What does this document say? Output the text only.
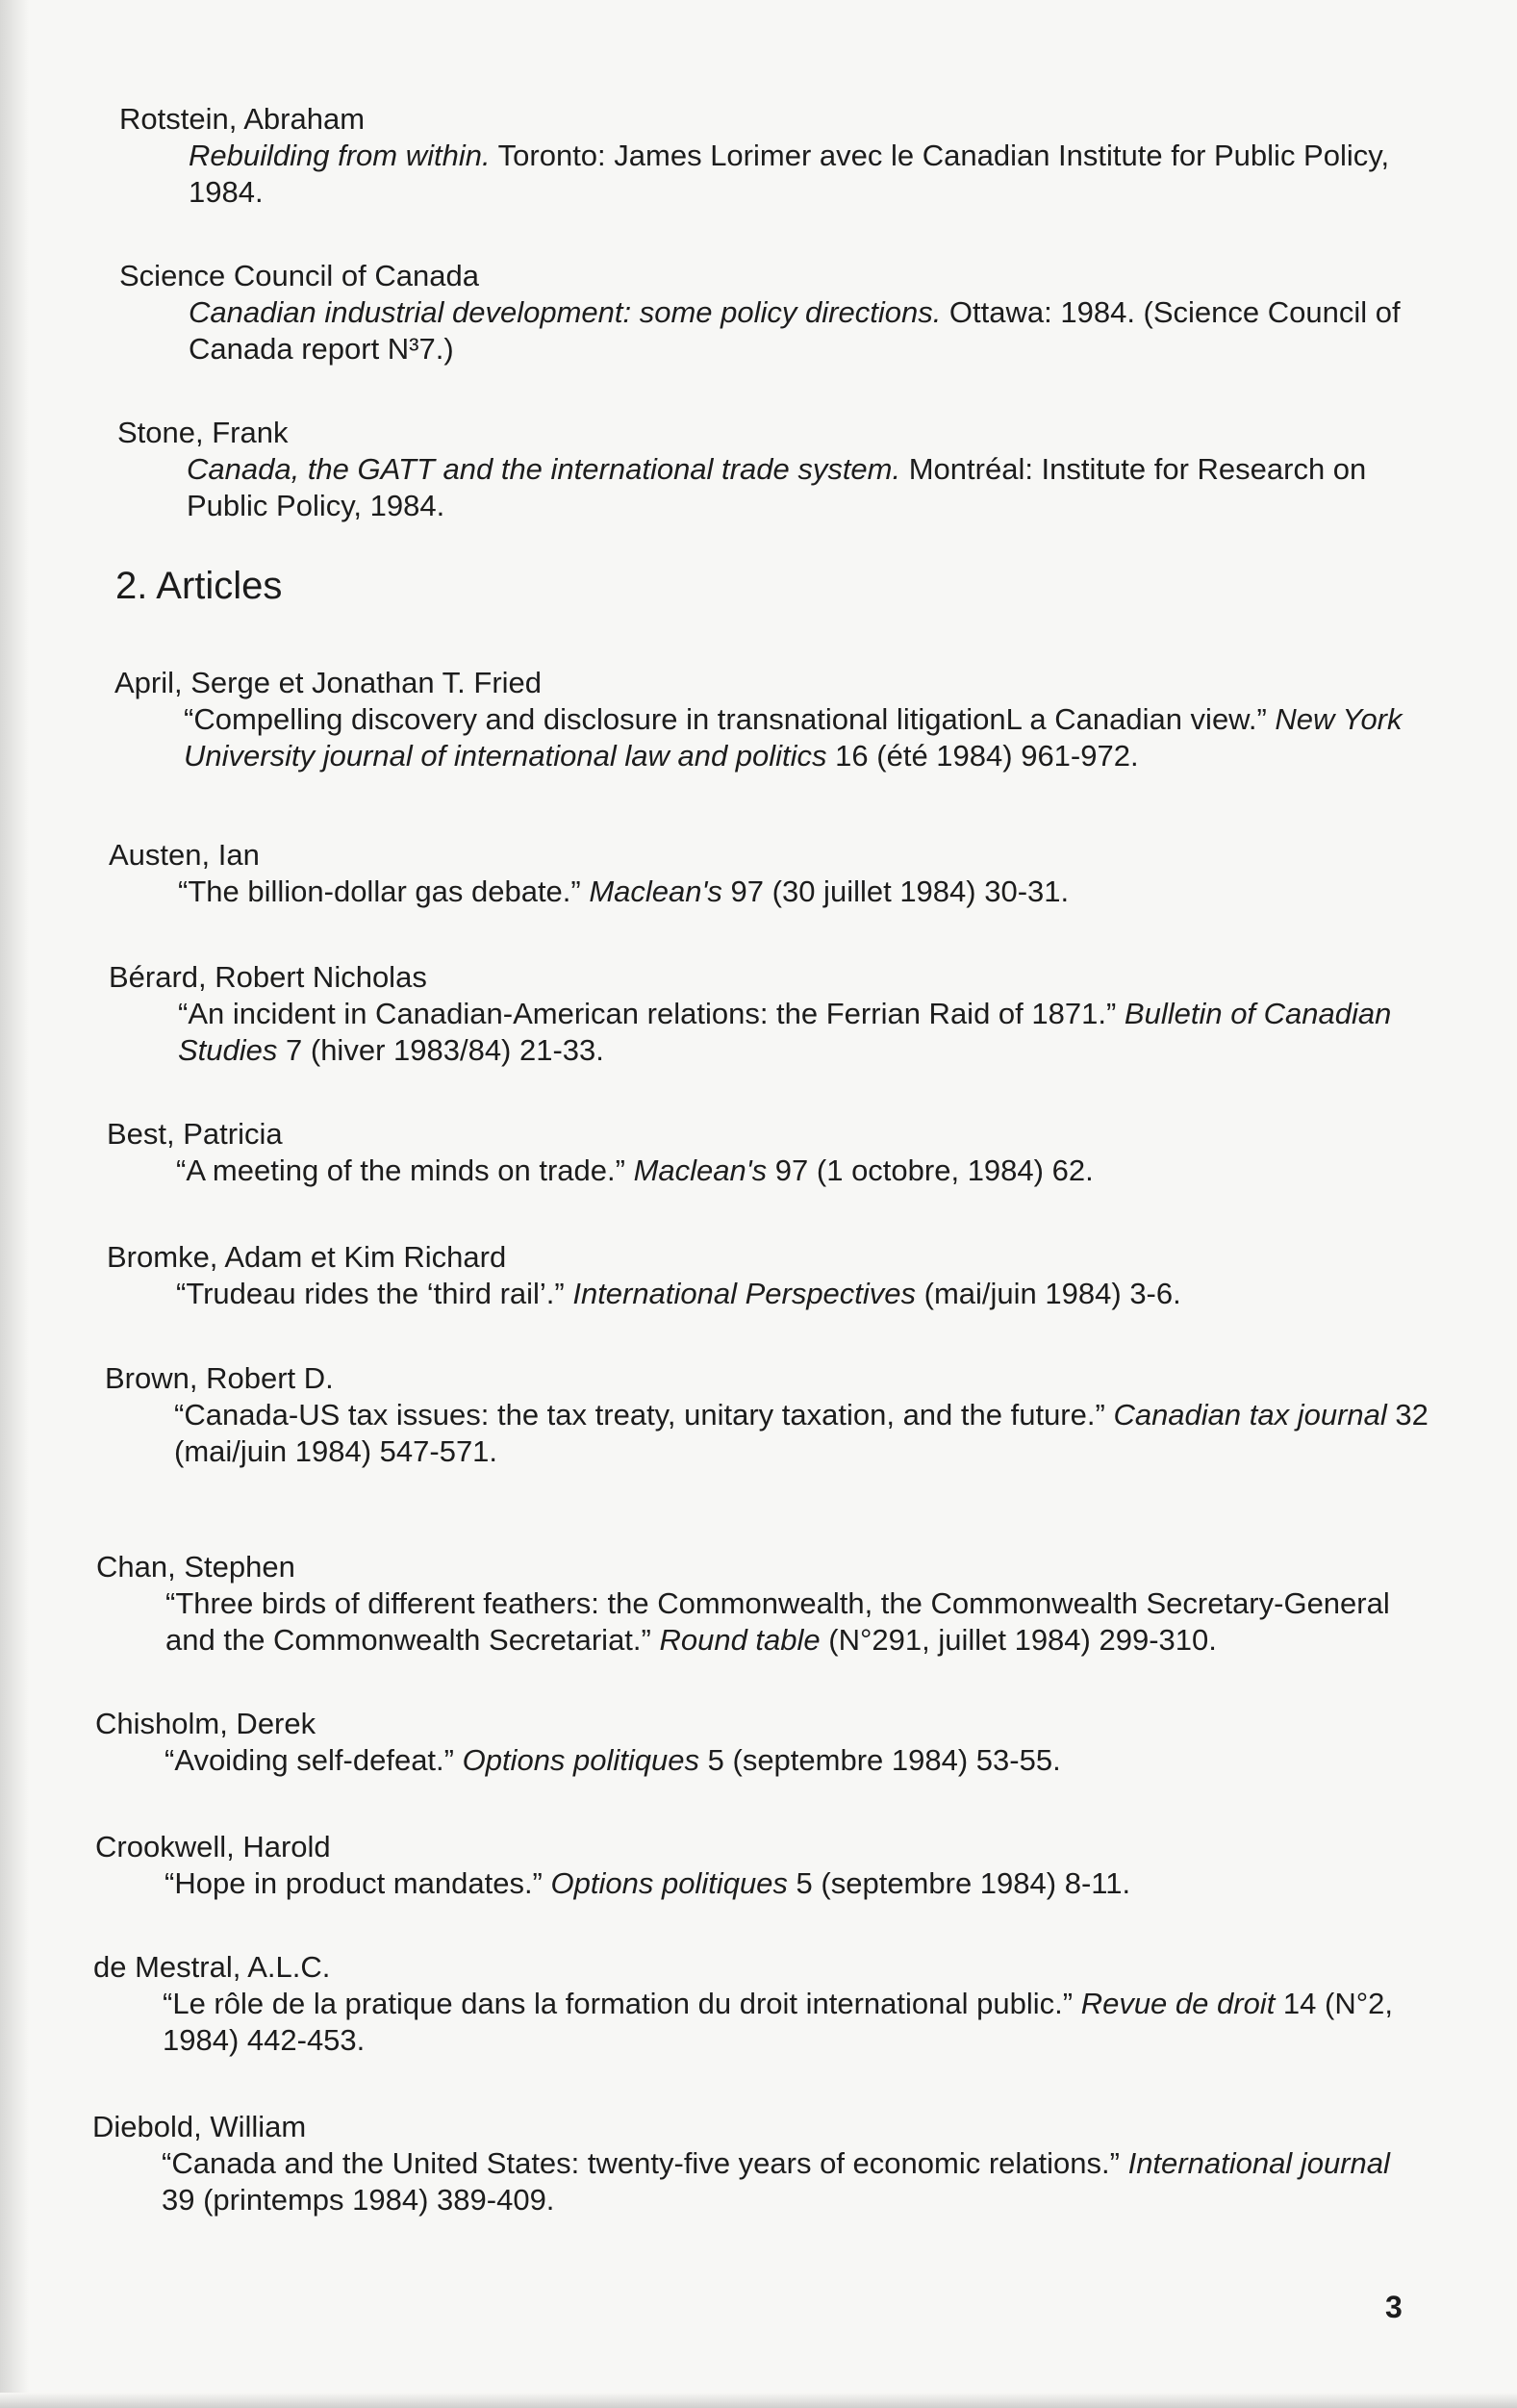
Rotstein, Abraham
Rebuilding from within. Toronto: James Lorimer avec le Canadian Institute for Public Policy, 1984.
Science Council of Canada
Canadian industrial development: some policy directions. Ottawa: 1984. (Science Council of Canada report N³7.)
Stone, Frank
Canada, the GATT and the international trade system. Montréal: Institute for Research on Public Policy, 1984.
2. Articles
April, Serge et Jonathan T. Fried
“Compelling discovery and disclosure in transnational litigationL a Canadian view.” New York University journal of international law and politics 16 (été 1984) 961-972.
Austen, Ian
“The billion-dollar gas debate.” Maclean's 97 (30 juillet 1984) 30-31.
Bérard, Robert Nicholas
“An incident in Canadian-American relations: the Ferrian Raid of 1871.” Bulletin of Canadian Studies 7 (hiver 1983/84) 21-33.
Best, Patricia
“A meeting of the minds on trade.” Maclean's 97 (1 octobre, 1984) 62.
Bromke, Adam et Kim Richard
“Trudeau rides the ‘third rail’.” International Perspectives (mai/juin 1984) 3-6.
Brown, Robert D.
“Canada-US tax issues: the tax treaty, unitary taxation, and the future.” Canadian tax journal 32 (mai/juin 1984) 547-571.
Chan, Stephen
“Three birds of different feathers: the Commonwealth, the Commonwealth Secretary-General and the Commonwealth Secretariat.” Round table (N°291, juillet 1984) 299-310.
Chisholm, Derek
“Avoiding self-defeat.” Options politiques 5 (septembre 1984) 53-55.
Crookwell, Harold
“Hope in product mandates.” Options politiques 5 (septembre 1984) 8-11.
de Mestral, A.L.C.
“Le rôle de la pratique dans la formation du droit international public.” Revue de droit 14 (N°2, 1984) 442-453.
Diebold, William
“Canada and the United States: twenty-five years of economic relations.” International journal 39 (printemps 1984) 389-409.
3
